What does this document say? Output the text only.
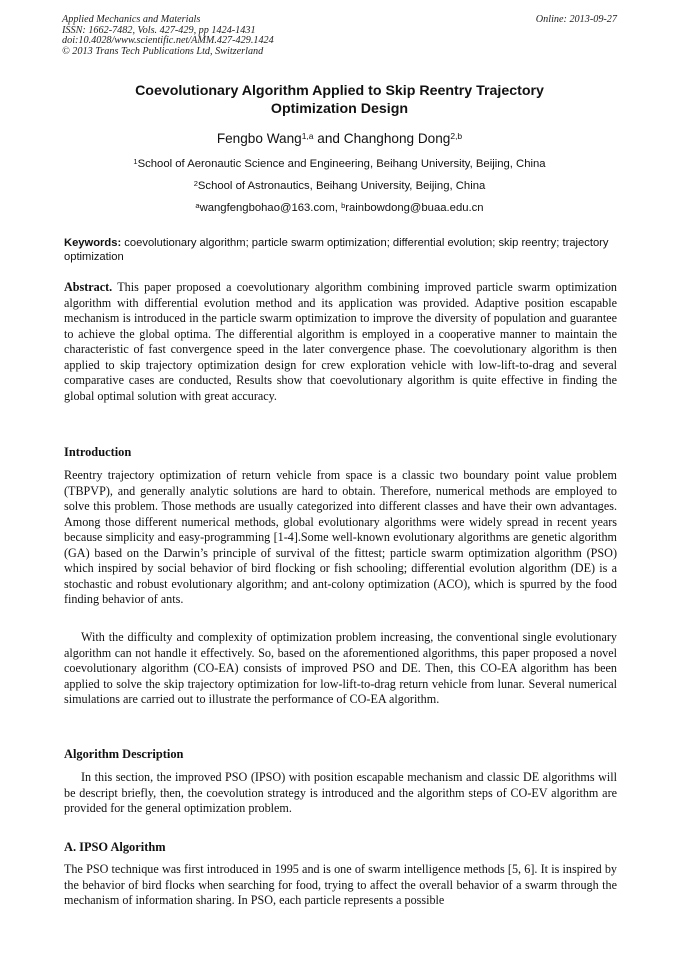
Applied Mechanics and Materials
ISSN: 1662-7482, Vols. 427-429, pp 1424-1431
doi:10.4028/www.scientific.net/AMM.427-429.1424
© 2013 Trans Tech Publications Ltd, Switzerland
Online: 2013-09-27
Coevolutionary Algorithm Applied to Skip Reentry Trajectory
Optimization Design
Fengbo Wang$^{1,a}$ and Changhong Dong$^{2,b}$
$^1$School of Aeronautic Science and Engineering, Beihang University, Beijing, China
$^2$School of Astronautics, Beihang University, Beijing, China
$^a$wangfengbohao@163.com, $^b$rainbowdong@buaa.edu.cn
Keywords: coevolutionary algorithm; particle swarm optimization; differential evolution; skip reentry; trajectory optimization
Abstract. This paper proposed a coevolutionary algorithm combining improved particle swarm optimization algorithm with differential evolution method and its application was provided. Adaptive position escapable mechanism is introduced in the particle swarm optimization to improve the diversity of population and guarantee to achieve the global optima. The differential algorithm is employed in a cooperative manner to maintain the characteristic of fast convergence speed in the later convergence phase. The coevolutionary algorithm is then applied to skip trajectory optimization design for crew exploration vehicle with low-lift-to-drag and several comparative cases are conducted, Results show that coevolutionary algorithm is quite effective in finding the global optimal solution with great accuracy.
Introduction
Reentry trajectory optimization of return vehicle from space is a classic two boundary point value problem (TBPVP), and generally analytic solutions are hard to obtain. Therefore, numerical methods are employed to solve this problem. Those methods are usually categorized into different classes and have their own advantages. Among those different numerical methods, global evolutionary algorithms were widely spread in recent years because simplicity and easy-programming [1-4].Some well-known evolutionary algorithms are genetic algorithm (GA) based on the Darwin’s principle of survival of the fittest; particle swarm optimization algorithm (PSO) which inspired by social behavior of bird flocking or fish schooling; differential evolution algorithm (DE) is a stochastic and robust evolutionary algorithm; and ant-colony optimization (ACO), which is spurred by the food finding behavior of ants.
With the difficulty and complexity of optimization problem increasing, the conventional single evolutionary algorithm can not handle it effectively. So, based on the aforementioned algorithms, this paper proposed a novel coevolutionary algorithm (CO-EA) consists of improved PSO and DE. Then, this CO-EA algorithm has been applied to solve the skip trajectory optimization for low-lift-to-drag return vehicle from lunar. Several numerical simulations are carried out to illustrate the performance of CO-EA algorithm.
Algorithm Description
In this section, the improved PSO (IPSO) with position escapable mechanism and classic DE algorithms will be descript briefly, then, the coevolution strategy is introduced and the algorithm steps of CO-EV algorithm are provided for the general optimization problem.
A. IPSO Algorithm
The PSO technique was first introduced in 1995 and is one of swarm intelligence methods [5, 6]. It is inspired by the behavior of bird flocks when searching for food, trying to affect the overall behavior of a swarm through the mechanism of information sharing. In PSO, each particle represents a possible
